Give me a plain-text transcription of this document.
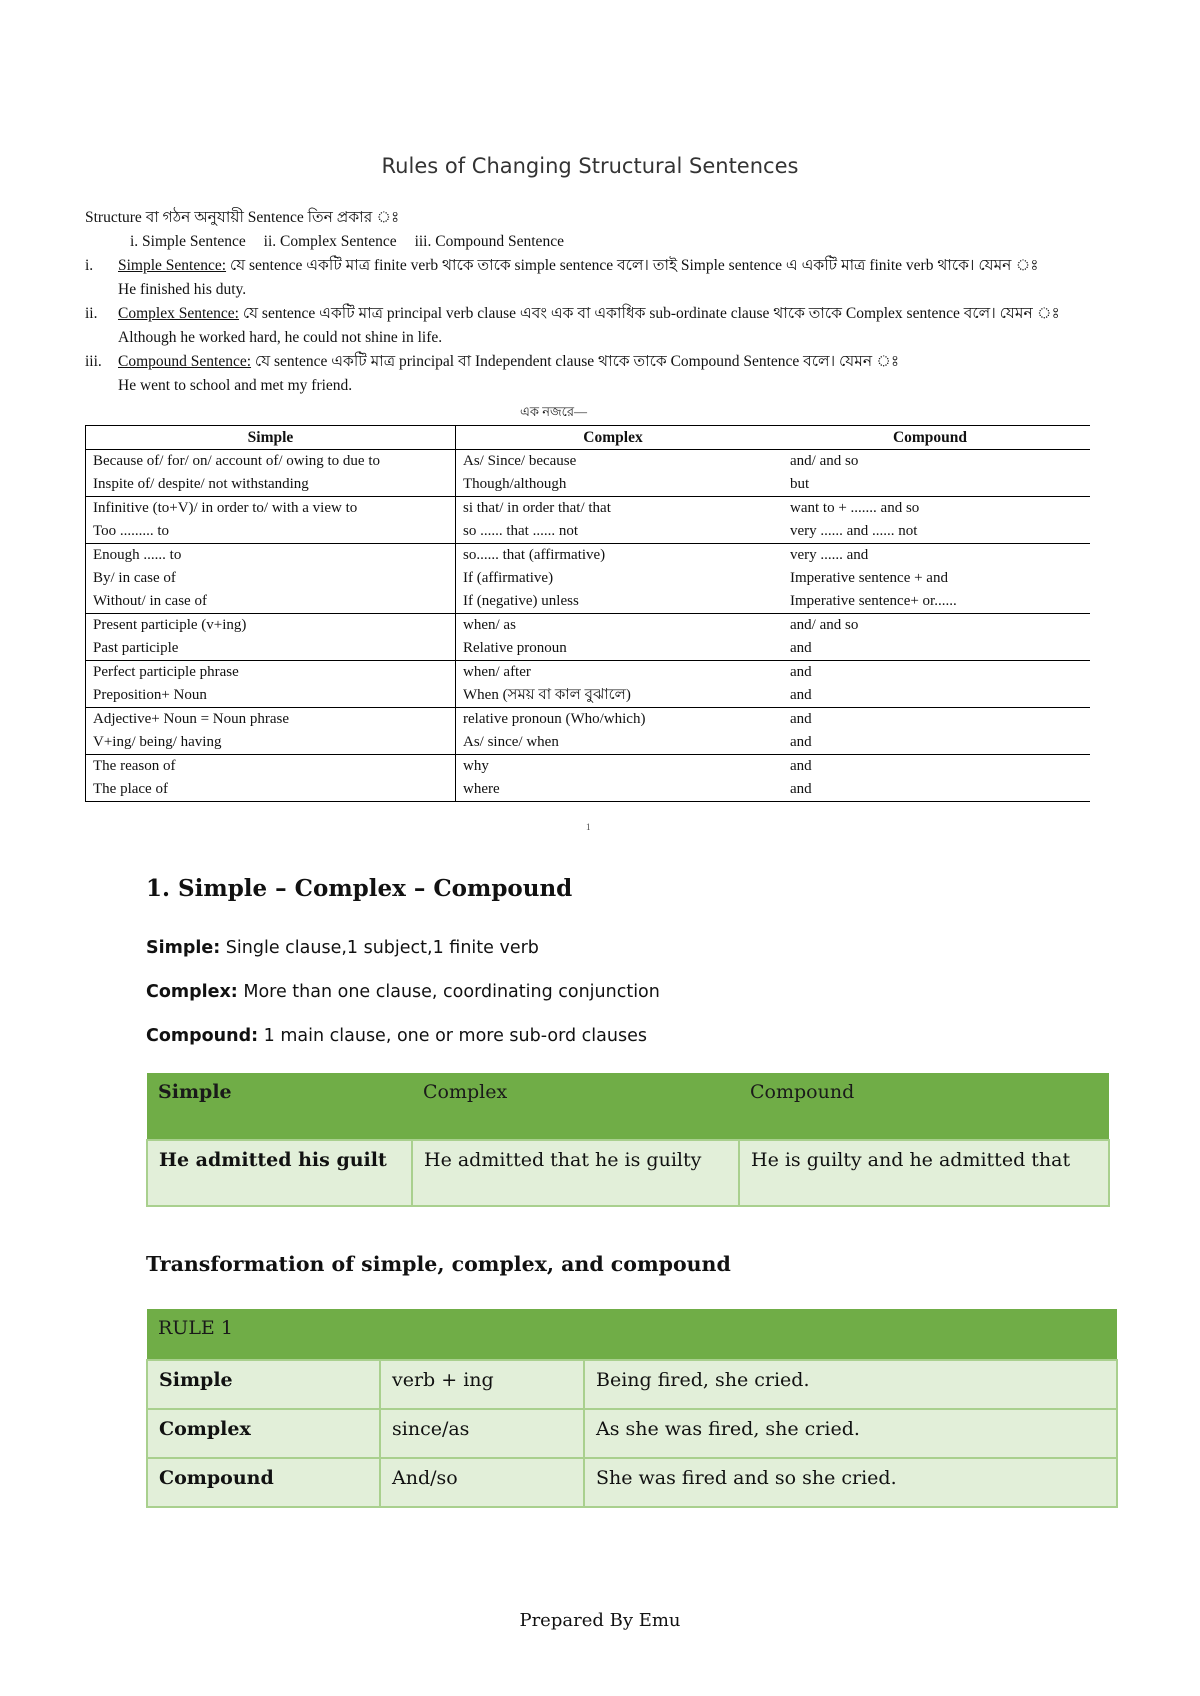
Rules of Changing Structural Sentences
Structure বা গঠন অনুযায়ী Sentence তিন প্রকার ঃ
i. Simple Sentence ii. Complex Sentence iii. Compound Sentence
i. Simple Sentence: যে sentence একটি মাত্র finite verb থাকে তাকে simple sentence বলে। তাই Simple sentence এ একটি মাত্র finite verb থাকে। যেমন ঃ
He finished his duty.
ii. Complex Sentence: যে sentence একটি মাত্র principal verb clause এবং এক বা একাধিক sub-ordinate clause থাকে তাকে Complex sentence বলে। যেমন ঃ
Although he worked hard, he could not shine in life.
iii. Compound Sentence: যে sentence একটি মাত্র principal বা Independent clause থাকে তাকে Compound Sentence বলে। যেমন ঃ
He went to school and met my friend.
এক নজরে—
Simple	Complex	Compound
Because of/ for/ on/ account of/ owing to due to	As/ Since/ because	and/ and so
Inspite of/ despite/ not withstanding	Though/although	but
Infinitive (to+V)/ in order to/ with a view to	si that/ in order that/ that	want to + ....... and so
Too ......... to	so ...... that ...... not	very ...... and ...... not
Enough ...... to	so...... that (affirmative)	very ...... and
By/ in case of	If (affirmative)	Imperative sentence + and
Without/ in case of	If (negative) unless	Imperative sentence+ or......
Present participle (v+ing)	when/ as	and/ and so
Past participle	Relative pronoun	and
Perfect participle phrase	when/ after	and
Preposition+ Noun	When (সময় বা কাল বুঝালে)	and
Adjective+ Noun = Noun phrase	relative pronoun (Who/which)	and
V+ing/ being/ having	As/ since/ when	and
The reason of	why	and
The place of	where	and
1
1. Simple – Complex – Compound

Simple: Single clause,1 subject,1 finite verb

Complex: More than one clause, coordinating conjunction

Compound: 1 main clause, one or more sub-ord clauses

Simple	Complex	Compound
He admitted his guilt	He admitted that he is guilty	He is guilty and he admitted that
Transformation of simple, complex, and compound
RULE 1		
Simple	verb + ing	Being fired, she cried.
Complex	since/as	As she was fired, she cried.
Compound	And/so	She was fired and so she cried.
Prepared By Emu
